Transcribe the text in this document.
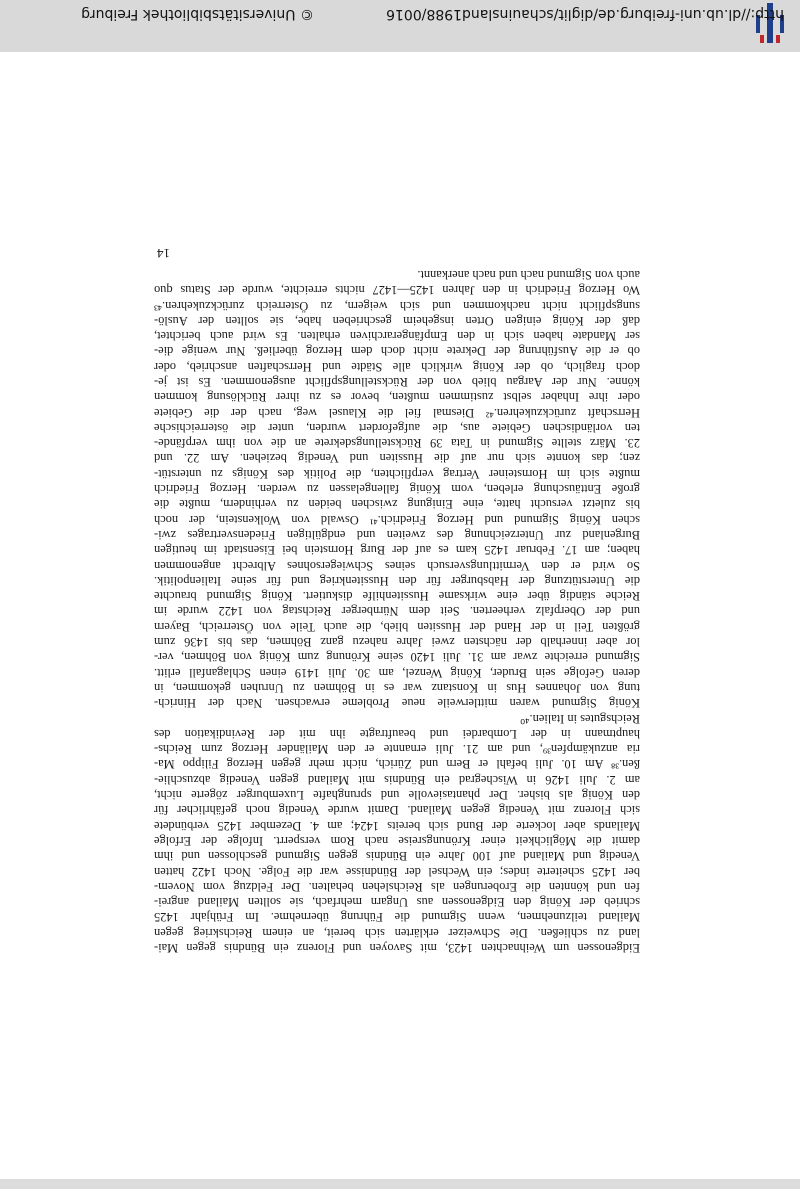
Eidgenossen um Weihnachten 1423, mit Savoyen und Florenz ein Bündnis gegen Mai-
land zu schließen. Die Schweizer erklärten sich bereit, an einem Reichskrieg gegen
Mailand teilzunehmen, wenn Sigmund die Führung übernehme. Im Frühjahr 1425
schrieb der König den Eidgenossen aus Ungarn mehrfach, sie sollten Mailand angrei-
fen und könnten die Eroberungen als Reichslehen behalten. Der Feldzug vom Novem-
ber 1425 scheiterte indes; ein Wechsel der Bündnisse war die Folge. Noch 1422 hatten
Venedig und Mailand auf 100 Jahre ein Bündnis gegen Sigmund geschlossen und ihm
damit die Möglichkeit einer Krönungsreise nach Rom versperrt. Infolge der Erfolge
Mailands aber lockerte der Bund sich bereits 1424; am 4. Dezember 1425 verbündete
sich Florenz mit Venedig gegen Mailand. Damit wurde Venedig noch gefährlicher für
den König als bisher. Der phantasievolle und sprunghafte Luxemburger zögerte nicht,
am 2. Juli 1426 in Wischegrad ein Bündnis mit Mailand gegen Venedig abzuschlie-
ßen.³⁸ Am 10. Juli befahl er Bern und Zürich, nicht mehr gegen Herzog Filippo Ma-
ria anzukämpfen³⁹, und am 21. Juli ernannte er den Mailänder Herzog zum Reichs-
hauptmann in der Lombardei und beauftragte ihn mit der Revindikation des
Reichsgutes in Italien.⁴⁰
König Sigmund waren mittlerweile neue Probleme erwachsen. Nach der Hinrich-
tung von Johannes Hus in Konstanz war es in Böhmen zu Unruhen gekommen, in
deren Gefolge sein Bruder, König Wenzel, am 30. Juli 1419 einen Schlaganfall erlitt.
Sigmund erreichte zwar am 31. Juli 1420 seine Krönung zum König von Böhmen, ver-
lor aber innerhalb der nächsten zwei Jahre nahezu ganz Böhmen, das bis 1436 zum
größten Teil in der Hand der Hussiten blieb, die auch Teile von Österreich, Bayern
und der Oberpfalz verheerten. Seit dem Nürnberger Reichstag von 1422 wurde im
Reiche ständig über eine wirksame Hussitenhilfe diskutiert. König Sigmund brauchte
die Unterstützung der Habsburger für den Hussitenkrieg und für seine Italienpolitik.
So wird er den Vermittlungsversuch seines Schwiegersohnes Albrecht angenommen
haben; am 17. Februar 1425 kam es auf der Burg Hornstein bei Eisenstadt im heutigen
Burgenland zur Unterzeichnung des zweiten und endgültigen Friedensvertrages zwi-
schen König Sigmund und Herzog Friedrich.⁴¹ Oswald von Wolkenstein, der noch
bis zuletzt versucht hatte, eine Einigung zwischen beiden zu verhindern, mußte die
große Enttäuschung erleben, vom König fallengelassen zu werden. Herzog Friedrich
mußte sich im Hornsteiner Vertrag verpflichten, die Politik des Königs zu unterstüt-
zen; das konnte sich nur auf die Hussiten und Venedig beziehen. Am 22. und
23. März stellte Sigmund in Tata 39 Rückstellungsdekrete an die von ihm verpfände-
ten vorländischen Gebiete aus, die aufgefordert wurden, unter die österreichische
Herrschaft zurückzukehren.⁴² Diesmal fiel die Klausel weg, nach der die Gebiete
oder ihre Inhaber selbst zustimmen mußten, bevor es zu ihrer Rücklösung kommen
könne. Nur der Aargau blieb von der Rückstellungspflicht ausgenommen. Es ist je-
doch fraglich, ob der König wirklich alle Städte und Herrschaften anschrieb, oder
ob er die Ausführung der Dekrete nicht doch dem Herzog überließ. Nur wenige die-
ser Mandate haben sich in den Empfängerarchiven erhalten. Es wird auch berichtet,
daß der König einigen Orten insgeheim geschrieben habe, sie sollten der Auslö-
sungspflicht nicht nachkommen und sich weigern, zu Österreich zurückzukehren.⁴³
Wo Herzog Friedrich in den Jahren 1425—1427 nichts erreichte, wurde der Status quo
auch von Sigmund nach und nach anerkannt.
14
http://dl.ub.uni-freiburg.de/diglit/schauinsland1988/0016
© Universitätsbibliothek Freiburg
